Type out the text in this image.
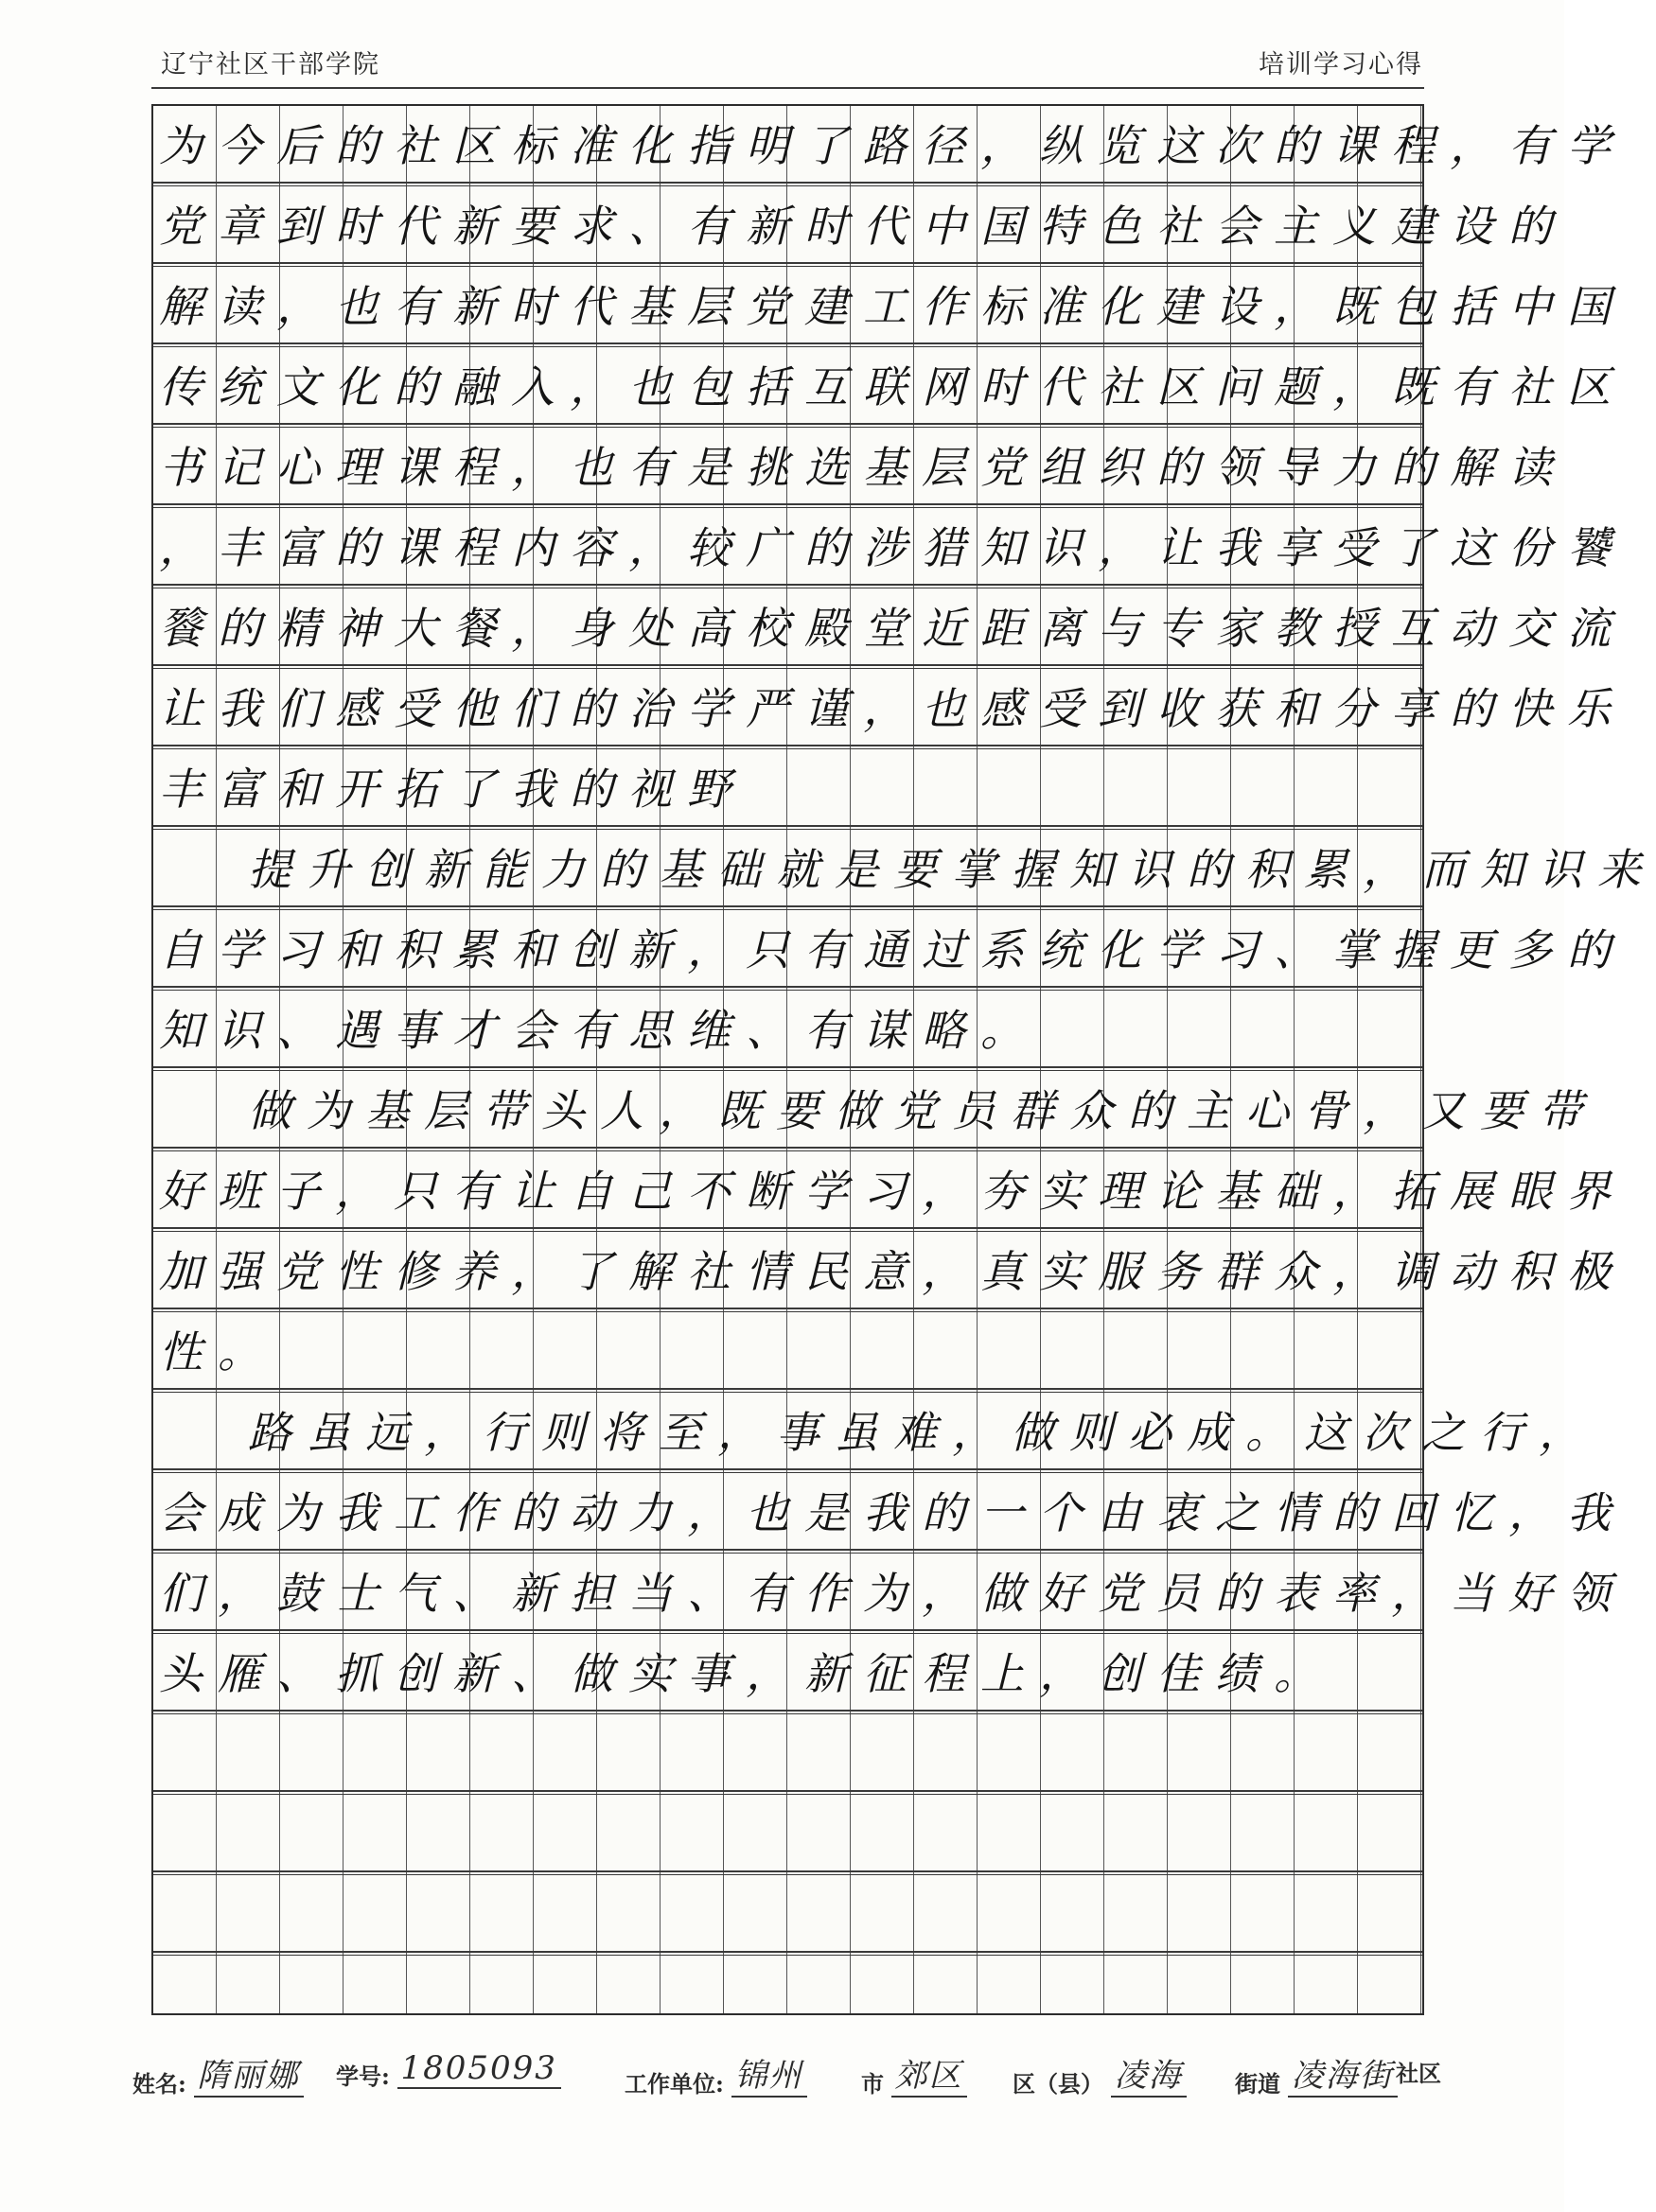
辽宁社区干部学院	培训学习心得
为今后的社区标准化指明了路径，纵览这次的课程，有学
党章到时代新要求、有新时代中国特色社会主义建设的
解读，也有新时代基层党建工作标准化建设，既包括中国
传统文化的融入，也包括互联网时代社区问题，既有社区
书记心理课程，也有是挑选基层党组织的领导力的解读
，丰富的课程内容，较广的涉猎知识，让我享受了这份饕
餮的精神大餐，身处高校殿堂近距离与专家教授互动交流
让我们感受他们的治学严谨，也感受到收获和分享的快乐
丰富和开拓了我的视野
提升创新能力的基础就是要掌握知识的积累，而知识来
自学习和积累和创新，只有通过系统化学习、掌握更多的
知识、遇事才会有思维、有谋略。
做为基层带头人，既要做党员群众的主心骨，又要带
好班子，只有让自己不断学习，夯实理论基础，拓展眼界
加强党性修养，了解社情民意，真实服务群众，调动积极
性。
路虽远，行则将至，事虽难，做则必成。这次之行，
会成为我工作的动力，也是我的一个由衷之情的回忆，我
们，鼓士气、新担当、有作为，做好党员的表率，当好领
头雁、抓创新、做实事，新征程上，创佳绩。
姓名: 隋丽娜 学号: 1805093	工作单位: 锦州	市 郊区 区（县） 凌海 街道 凌海街 社区
